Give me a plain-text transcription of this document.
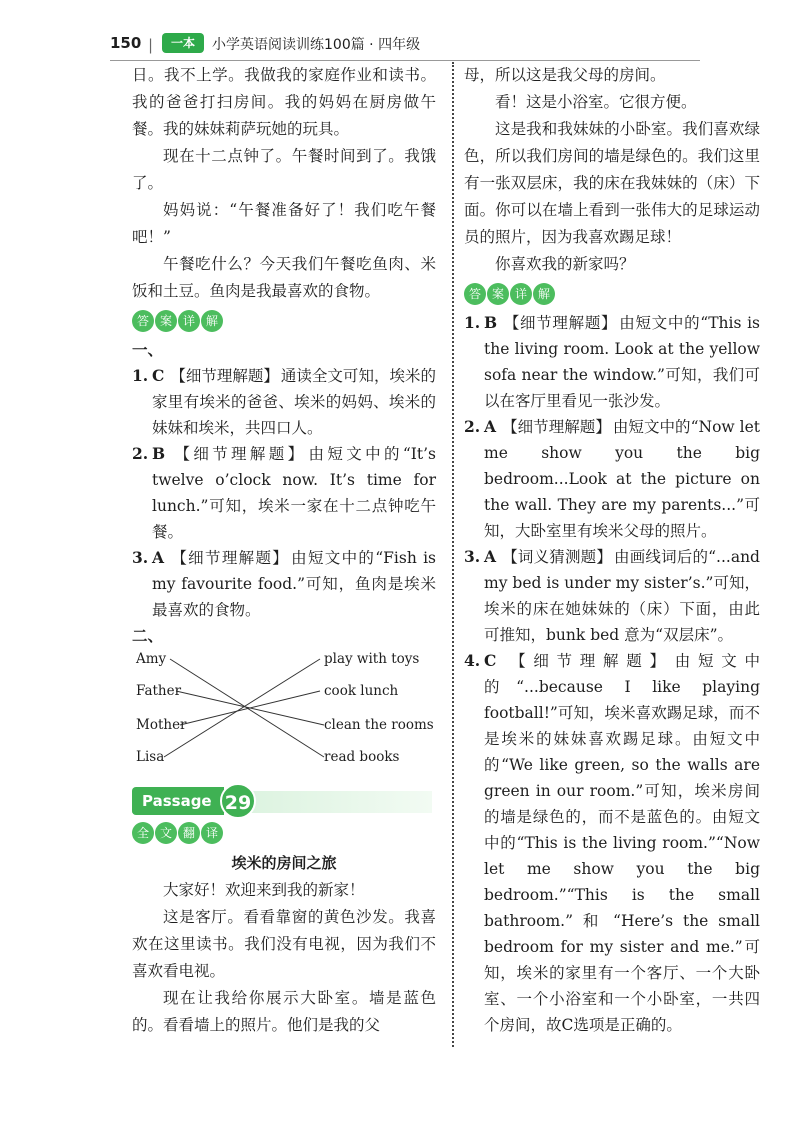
150 |	一本	小学英语阅读训练100篇 · 四年级

日。我不上学。我做我的家庭作业和读书。我的爸爸打扫房间。我的妈妈在厨房做午餐。我的妹妹莉萨玩她的玩具。

现在十二点钟了。午餐时间到了。我饿了。

妈妈说：“午餐准备好了！我们吃午餐吧！”

午餐吃什么？今天我们午餐吃鱼肉、米饭和土豆。鱼肉是我最喜欢的食物。

答 案 详 解
一、
1. C 【细节理解题】 通读全文可知，埃米的家里有埃米的爸爸、埃米的妈妈、埃米的妹妹和埃米，共四口人。
2. B 【细节理解题】 由短文中的“It’s twelve o’clock now. It’s time for lunch.”可知，埃米一家在十二点钟吃午餐。
3. A 【细节理解题】 由短文中的“Fish is my favourite food.”可知，鱼肉是埃米最喜欢的食物。
二、
Amy
Father
Mother
Lisa
play with toys
cook lunch
clean the rooms
read books
Passage 29
全 文 翻 译
埃米的房间之旅

大家好！欢迎来到我的新家！

这是客厅。看看靠窗的黄色沙发。我喜欢在这里读书。我们没有电视，因为我们不喜欢看电视。

现在让我给你展示大卧室。墙是蓝色的。看看墙上的照片。他们是我的父

母，所以这是我父母的房间。

看！这是小浴室。它很方便。

这是我和我妹妹的小卧室。我们喜欢绿色，所以我们房间的墙是绿色的。我们这里有一张双层床，我的床在我妹妹的（床）下面。你可以在墙上看到一张伟大的足球运动员的照片，因为我喜欢踢足球！

你喜欢我的新家吗？

答 案 详 解
1. B 【细节理解题】 由短文中的“This is the living room. Look at the yellow sofa near the window.”可知，我们可以在客厅里看见一张沙发。
2. A 【细节理解题】 由短文中的“Now let me show you the big bedroom...Look at the picture on the wall. They are my parents...”可知，大卧室里有埃米父母的照片。
3. A 【词义猜测题】 由画线词后的“...and my bed is under my sister’s.”可知，埃米的床在她妹妹的（床）下面，由此可推知，bunk bed 意为“双层床”。
4. C 【细节理解题】 由短文中的“...because I like playing football!”可知，埃米喜欢踢足球，而不是埃米的妹妹喜欢踢足球。由短文中的“We like green, so the walls are green in our room.”可知，埃米房间的墙是绿色的，而不是蓝色的。由短文中的“This is the living room.”“Now let me show you the big bedroom.”“This is the small bathroom.” 和 “Here’s the small bedroom for my sister and me.”可知，埃米的家里有一个客厅、一个大卧室、一个小浴室和一个小卧室，一共四个房间，故C选项是正确的。
